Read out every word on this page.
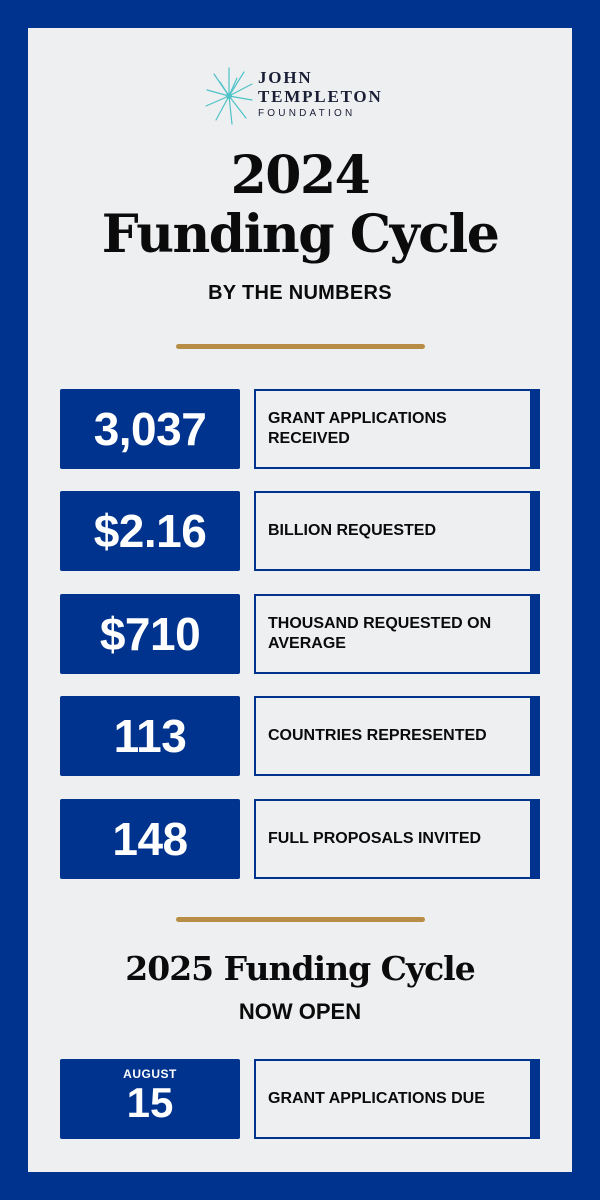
JOHN
TEMPLETON
FOUNDATION
2024
Funding Cycle
BY THE NUMBERS
3,037	GRANT APPLICATIONS RECEIVED
$2.16	BILLION REQUESTED
$710	THOUSAND REQUESTED ON AVERAGE
113	COUNTRIES REPRESENTED
148	FULL PROPOSALS INVITED
2025 Funding Cycle
NOW OPEN
AUGUST
15	GRANT APPLICATIONS DUE
